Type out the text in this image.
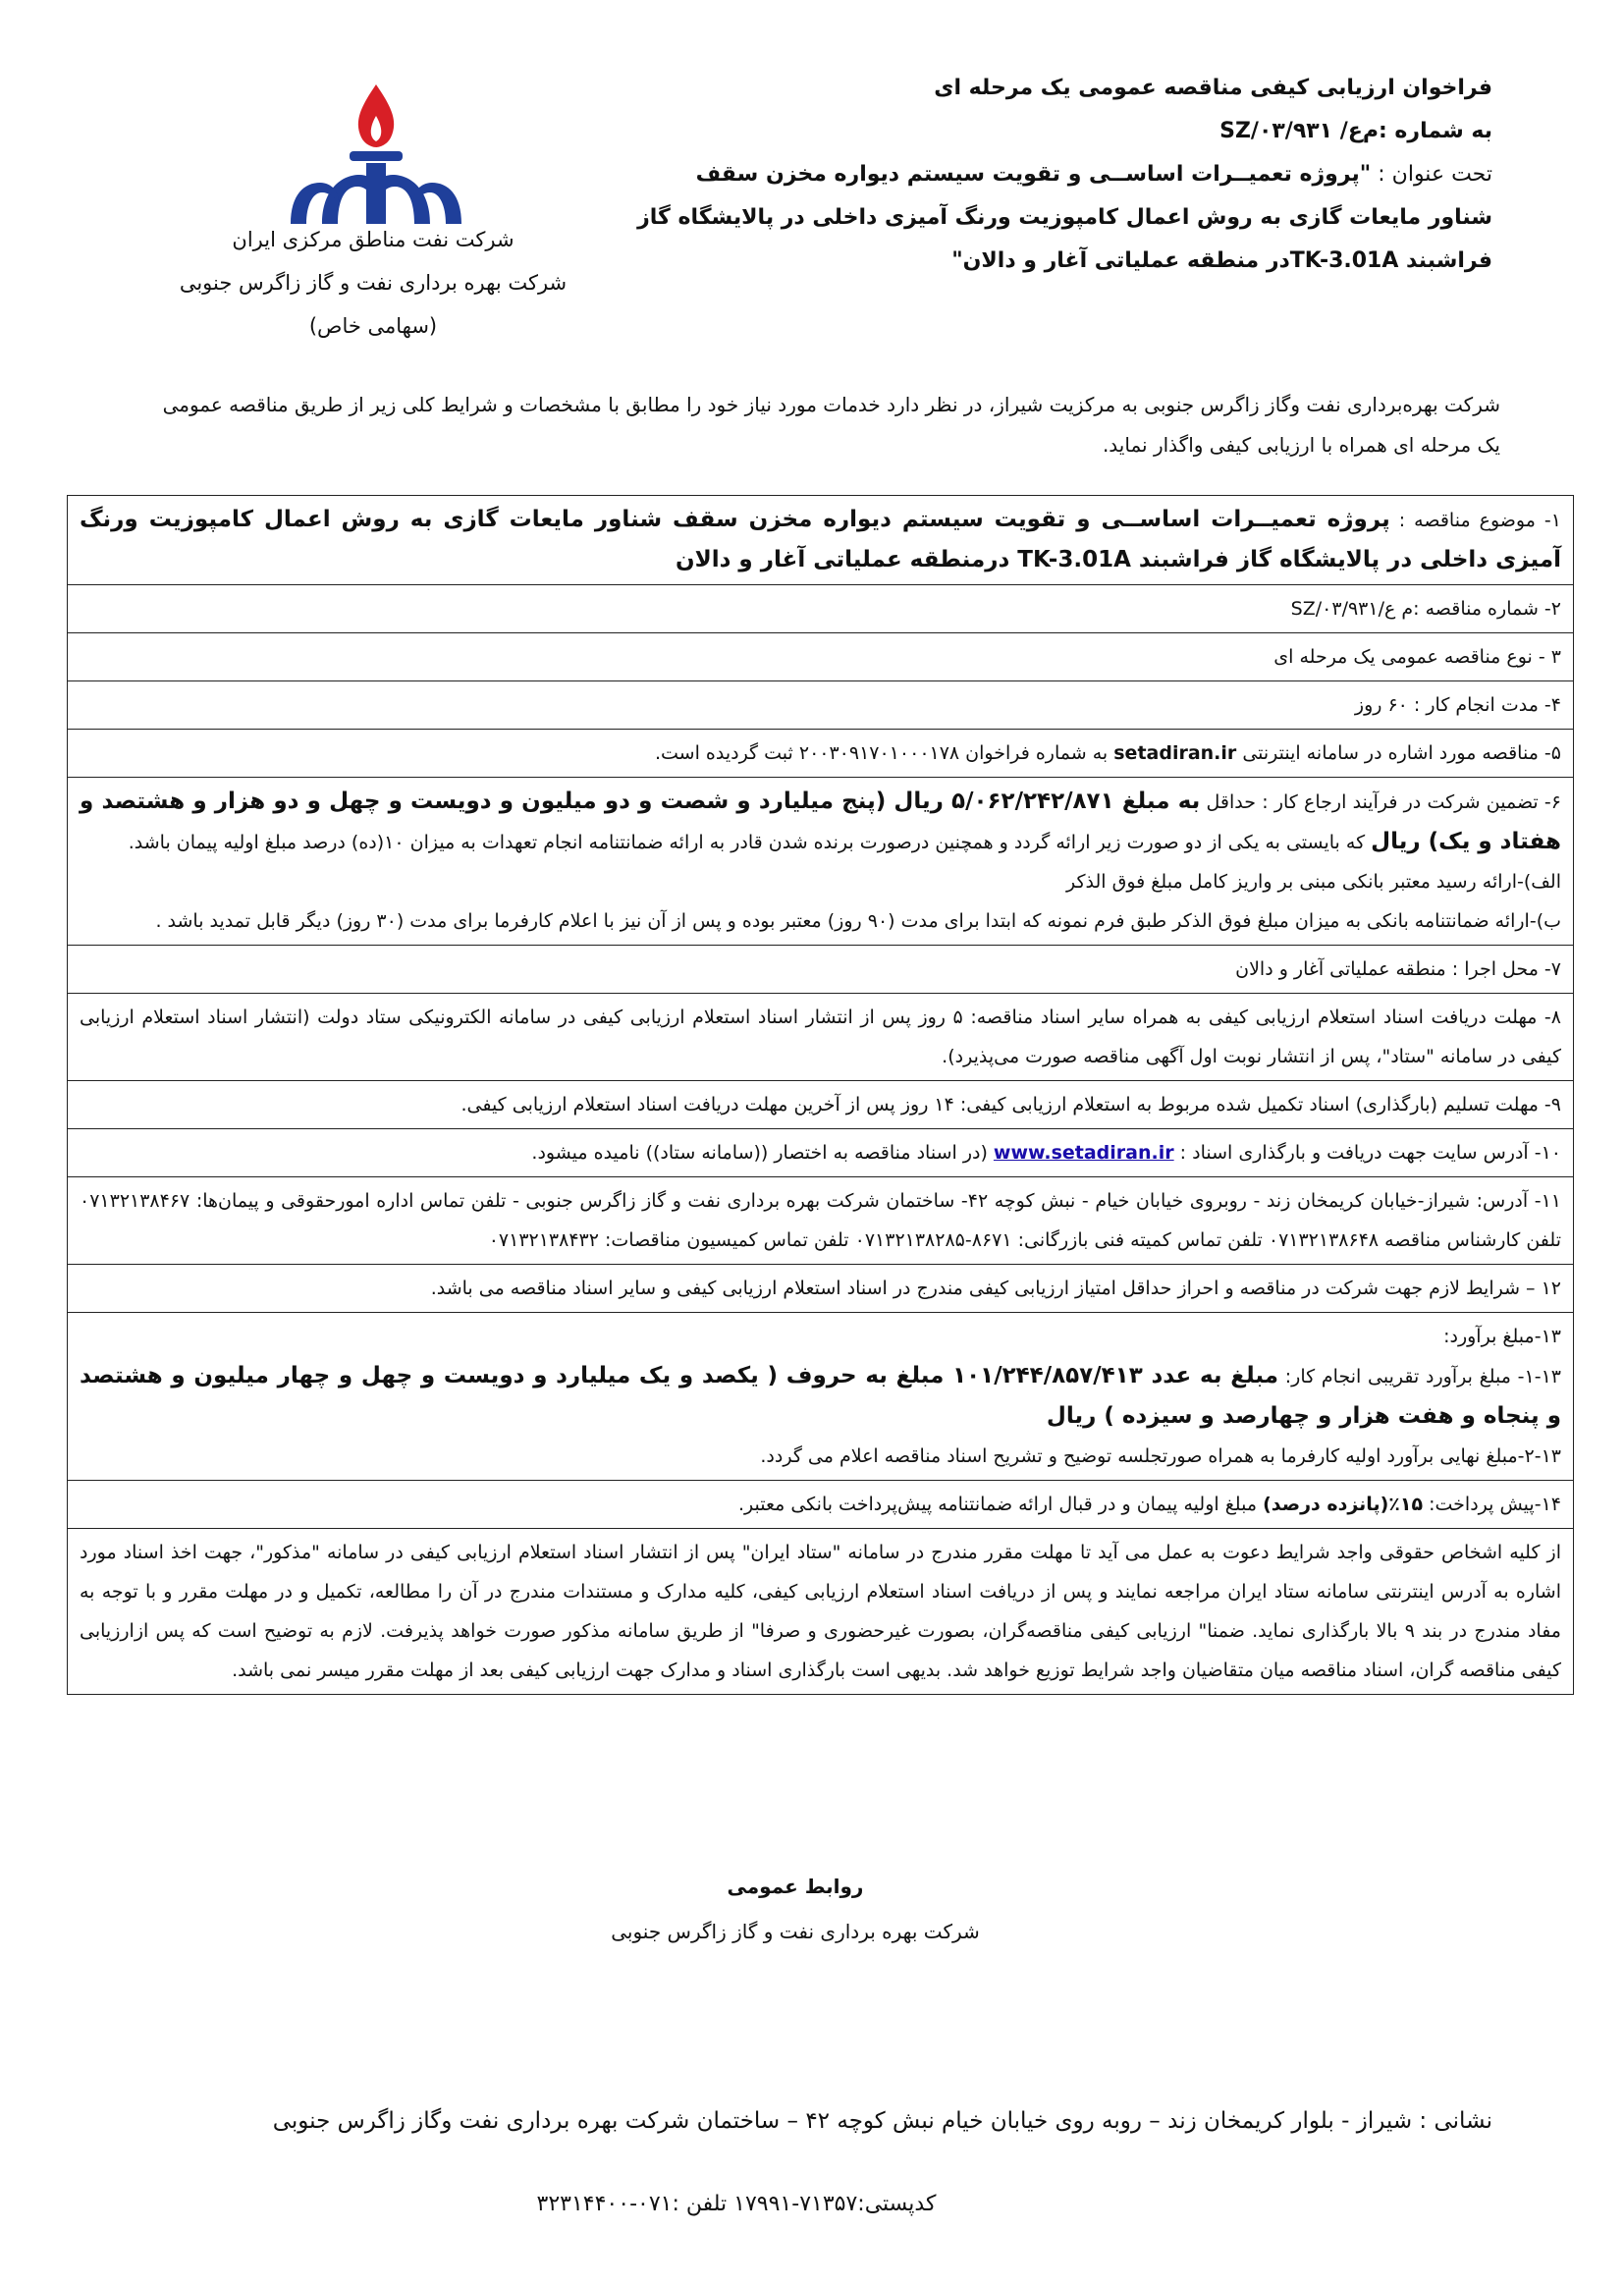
شرکت نفت مناطق مرکزی ایران
شرکت بهره برداری نفت و گاز زاگرس جنوبی
(سهامی خاص)
فراخوان ارزیابی کیفی مناقصه عمومی یک مرحله ای
به شماره :م‌ع/ ۰۳/۹۳۱/SZ
تحت عنوان : "پروژه تعمیــرات اساســی و تقویت سیستم دیواره مخزن سقف شناور مایعات گازی به روش اعمال کامپوزیت ورنگ آمیزی داخلی در پالایشگاه گاز فراشبند TK-3.01Aدر منطقه عملیاتی آغار و دالان"
شرکت بهره‌برداری نفت وگاز زاگرس جنوبی به مرکزیت شیراز، در نظر دارد خدمات مورد نیاز خود را مطابق با مشخصات و شرایط کلی زیر از طریق مناقصه عمومی یک مرحله ای همراه با ارزیابی کیفی واگذار نماید.
۱- موضوع مناقصه : پروژه تعمیــرات اساســی و تقویت سیستم دیواره مخزن سقف شناور مایعات گازی به روش اعمال کامپوزیت ورنگ آمیزی داخلی در پالایشگاه گاز فراشبند TK-3.01A درمنطقه عملیاتی آغار و دالان
۲- شماره مناقصه :م ع/۰۳/۹۳۱/SZ
۳ - نوع مناقصه عمومی یک مرحله ای
۴- مدت انجام کار : ۶۰ روز
۵- مناقصه مورد اشاره در سامانه اینترنتی setadiran.ir به شماره فراخوان ۲۰۰۳۰۹۱۷۰۱۰۰۰۱۷۸ ثبت گردیده است.

۶- تضمین شرکت در فرآیند ارجاع کار : حداقل به مبلغ ۵/۰۶۲/۲۴۲/۸۷۱ ریال (پنج میلیارد و شصت و دو میلیون و دویست و چهل و دو هزار و هشتصد و هفتاد و یک) ریال که بایستی به یکی از دو صورت زیر ارائه گردد و همچنین درصورت برنده شدن قادر به ارائه ضمانتنامه انجام تعهدات به میزان ۱۰(ده) درصد مبلغ اولیه پیمان باشد.
الف)-ارائه رسید معتبر بانکی مبنی بر واریز کامل مبلغ فوق الذکر
ب)-ارائه ضمانتنامه بانکی به میزان مبلغ فوق الذکر طبق فرم نمونه که ابتدا برای مدت (۹۰ روز) معتبر بوده و پس از آن نیز با اعلام کارفرما برای مدت (۳۰ روز) دیگر قابل تمدید باشد .

۷- محل اجرا : منطقه عملیاتی آغار و دالان
۸- مهلت دریافت اسناد استعلام ارزیابی کیفی به همراه سایر اسناد مناقصه: ۵ روز پس از انتشار اسناد استعلام ارزیابی کیفی در سامانه الکترونیکی ستاد دولت (انتشار اسناد استعلام ارزیابی کیفی در سامانه "ستاد"، پس از انتشار نوبت اول آگهی مناقصه صورت می‌پذیرد).
۹- مهلت تسلیم (بارگذاری) اسناد تکمیل شده مربوط به استعلام ارزیابی کیفی: ۱۴ روز پس از آخرین مهلت دریافت اسناد استعلام ارزیابی کیفی.
۱۰- آدرس سایت جهت دریافت و بارگذاری اسناد : www.setadiran.ir (در اسناد مناقصه به اختصار ((سامانه ستاد)) نامیده میشود.
۱۱- آدرس: شیراز-خیابان کریمخان زند - روبروی خیابان خیام - نبش کوچه ۴۲- ساختمان شرکت بهره برداری نفت و گاز زاگرس جنوبی - تلفن تماس اداره امورحقوقی و پیمان‌ها: ۰۷۱۳۲۱۳۸۴۶۷ تلفن کارشناس مناقصه ۰۷۱۳۲۱۳۸۶۴۸ تلفن تماس کمیته فنی بازرگانی: ۸۶۷۱-۰۷۱۳۲۱۳۸۲۸۵ تلفن تماس کمیسیون مناقصات: ۰۷۱۳۲۱۳۸۴۳۲
۱۲ – شرایط لازم جهت شرکت در مناقصه و احراز حداقل امتیاز ارزیابی کیفی مندرج در اسناد استعلام ارزیابی کیفی و سایر اسناد مناقصه می باشد.

۱۳-مبلغ برآورد:
۱-۱۳- مبلغ برآورد تقریبی انجام کار: مبلغ به عدد ۱۰۱/۲۴۴/۸۵۷/۴۱۳ مبلغ به حروف ( یکصد و یک میلیارد و دویست و چهل و چهار میلیون و هشتصد و پنجاه و هفت هزار و چهارصد و سیزده ) ریال
۲-۱۳-مبلغ نهایی برآورد اولیه کارفرما به همراه صورتجلسه توضیح و تشریح اسناد مناقصه اعلام می گردد.

۱۴-پیش پرداخت: ۱۵٪(پانزده درصد) مبلغ اولیه پیمان و در قبال ارائه ضمانتنامه پیش‌پرداخت بانکی معتبر.
از کلیه اشخاص حقوقی واجد شرایط دعوت به عمل می آید تا مهلت مقرر مندرج در سامانه "ستاد ایران" پس از انتشار اسناد استعلام ارزیابی کیفی در سامانه "مذکور"، جهت اخذ اسناد مورد اشاره به آدرس اینترنتی سامانه ستاد ایران مراجعه نمایند و پس از دریافت اسناد استعلام ارزیابی کیفی، کلیه مدارک و مستندات مندرج در آن را مطالعه، تکمیل و در مهلت مقرر و با توجه به مفاد مندرج در بند ۹ بالا بارگذاری نماید. ضمنا" ارزیابی کیفی مناقصه‌گران، بصورت غیرحضوری و صرفا" از طریق سامانه مذکور صورت خواهد پذیرفت. لازم به توضیح است که پس ازارزیابی کیفی مناقصه گران، اسناد مناقصه میان متقاضیان واجد شرایط توزیع خواهد شد. بدیهی است بارگذاری اسناد و مدارک جهت ارزیابی کیفی بعد از مهلت مقرر میسر نمی باشد.
روابط عمومی
شرکت بهره برداری نفت و گاز زاگرس جنوبی
نشانی : شیراز - بلوار کریمخان زند – روبه روی خیابان خیام نبش کوچه ۴۲ – ساختمان شرکت بهره برداری نفت وگاز زاگرس جنوبی
کدپستی:۷۱۳۵۷-۱۷۹۹۱ تلفن :۰۷۱-۳۲۳۱۴۴۰۰
